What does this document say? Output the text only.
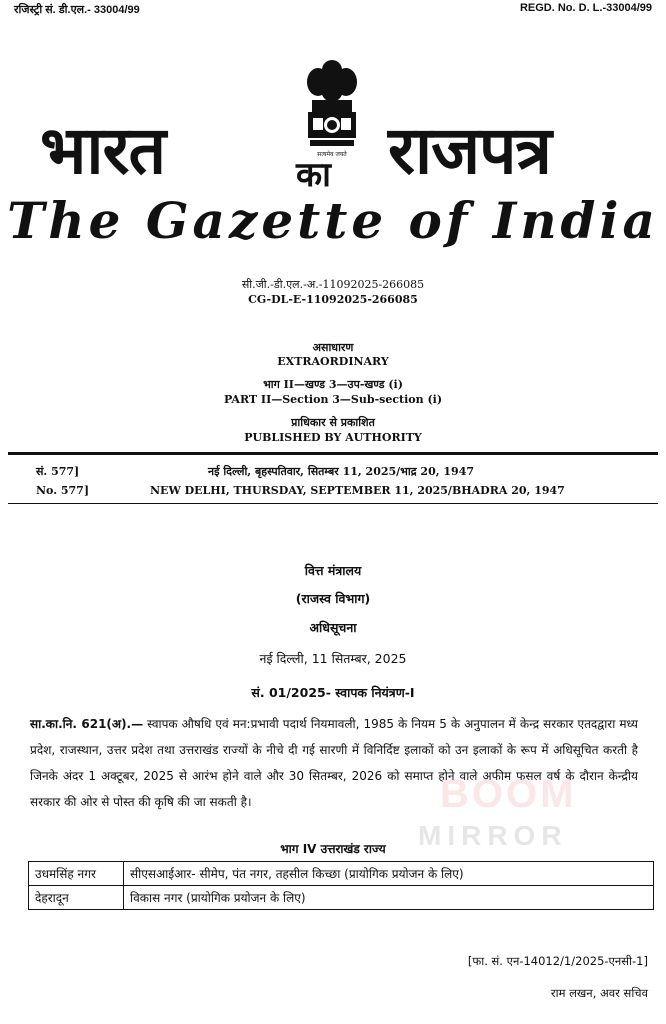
रजिस्ट्री सं. डी.एल.- 33004/99	REGD. No. D. L.-33004/99
भारत	सत्यमेव जयते
का राजपत्र
The Gazette of India
सी.जी.-डी.एल.-अ.-11092025-266085
CG-DL-E-11092025-266085
असाधारण
EXTRAORDINARY
भाग II—खण्ड 3—उप-खण्ड (i)
PART II—Section 3—Sub-section (i)
प्राधिकार से प्रकाशित
PUBLISHED BY AUTHORITY
सं. 577]	नई दिल्ली, बृहस्पतिवार, सितम्बर 11, 2025/भाद्र 20, 1947
No. 577]	NEW DELHI, THURSDAY, SEPTEMBER 11, 2025/BHADRA 20, 1947
वित्त मंत्रालय
(राजस्व विभाग)
अधिसूचना
नई दिल्ली, 11 सितम्बर, 2025
सं. 01/2025- स्वापक नियंत्रण-I
सा.का.नि. 621(अ).— स्वापक औषधि एवं मन:प्रभावी पदार्थ नियमावली, 1985 के नियम 5 के अनुपालन में केन्द्र सरकार एतदद्वारा मध्य प्रदेश, राजस्थान, उत्तर प्रदेश तथा उत्तराखंड राज्यों के नीचे दी गई सारणी में विनिर्दिष्ट इलाकों को उन इलाकों के रूप में अधिसूचित करती है जिनके अंदर 1 अक्टूबर, 2025 से आरंभ होने वाले और 30 सितम्बर, 2026 को समाप्त होने वाले अफीम फसल वर्ष के दौरान केन्द्रीय सरकार की ओर से पोस्त की कृषि की जा सकती है।	BOOM
MIRROR
भाग IV उत्तराखंड राज्य
उधमसिंह नगर	सीएसआईआर- सीमेप, पंत नगर, तहसील किच्छा (प्रायोगिक प्रयोजन के लिए)
देहरादून	विकास नगर (प्रायोगिक प्रयोजन के लिए)
[फा. सं. एन-14012/1/2025-एनसी-1]
राम लखन, अवर सचिव
